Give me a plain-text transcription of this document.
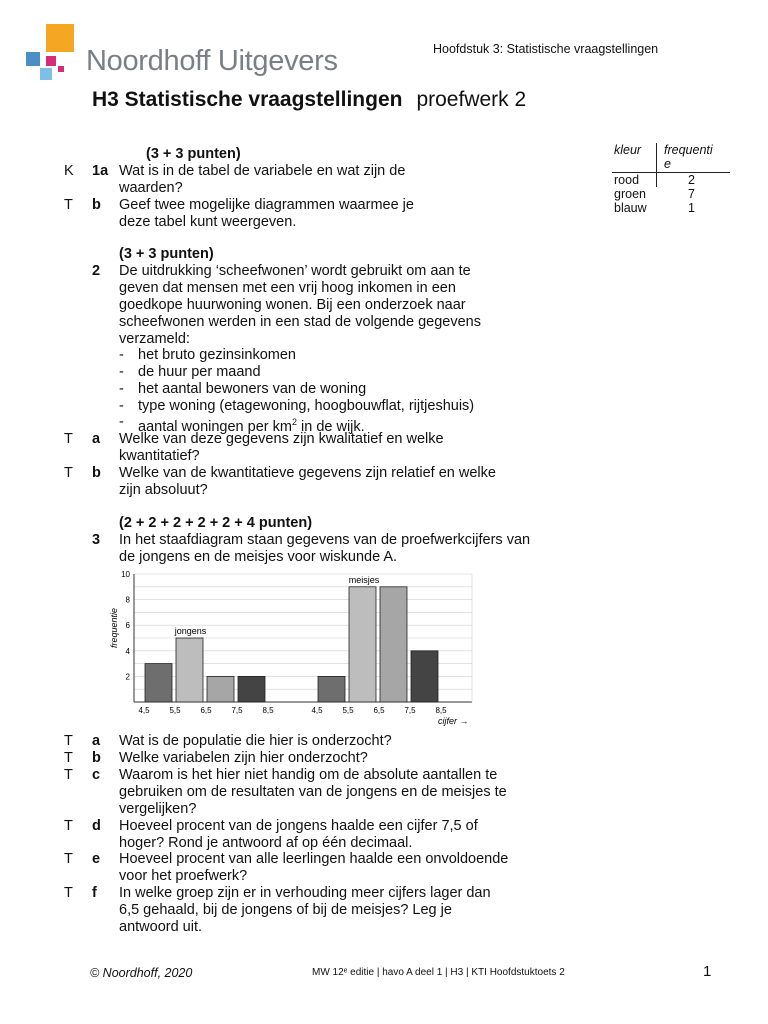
Noordhoff Uitgevers	Hoofdstuk 3: Statistische vraagstellingen
H3 Statistische vraagstellingen proefwerk 2
kleur frequenti
e
rood	2
groen	7
blauw	1
(3 + 3 punten)
K 1a Wat is in de tabel de variabele en wat zijn de
waarden?
T b Geef twee mogelijke diagrammen waarmee je
deze tabel kunt weergeven.
(3 + 3 punten)
2 De uitdrukking ‘scheefwonen’ wordt gebruikt om aan te
geven dat mensen met een vrij hoog inkomen in een
goedkope huurwoning wonen. Bij een onderzoek naar
scheefwonen werden in een stad de volgende gegevens
verzameld:
- het bruto gezinsinkomen
- de huur per maand
- het aantal bewoners van de woning
- type woning (etagewoning, hoogbouwflat, rijtjeshuis)
- aantal woningen per $km^2$ in de wijk.
T a Welke van deze gegevens zijn kwalitatief en welke
kwantitatief?
T b Welke van de kwantitatieve gegevens zijn relatief en welke
zijn absoluut?
(2 + 2 + 2 + 2 + 2 + 4 punten)
3 In het staafdiagram staan gegevens van de proefwerkcijfers van
de jongens en de meisjes voor wiskunde A.
2
4
6
8
10
4,5 5,5 6,5 7,5 8,5	4,5 5,5 6,5 7,5 8,5
frequentie	jongens
meisjes
cijfer →
T a Wat is de populatie die hier is onderzocht?
T b Welke variabelen zijn hier onderzocht?
T c Waarom is het hier niet handig om de absolute aantallen te
gebruiken om de resultaten van de jongens en de meisjes te
vergelijken?
T d Hoeveel procent van de jongens haalde een cijfer 7,5 of
hoger? Rond je antwoord af op één decimaal.
T e Hoeveel procent van alle leerlingen haalde een onvoldoende
voor het proefwerk?
T f In welke groep zijn er in verhouding meer cijfers lager dan
6,5 gehaald, bij de jongens of bij de meisjes? Leg je
antwoord uit.
© Noordhoff, 2020	MW 12ᵉ editie | havo A deel 1 | H3 | KTI Hoofdstuktoets 2	1
